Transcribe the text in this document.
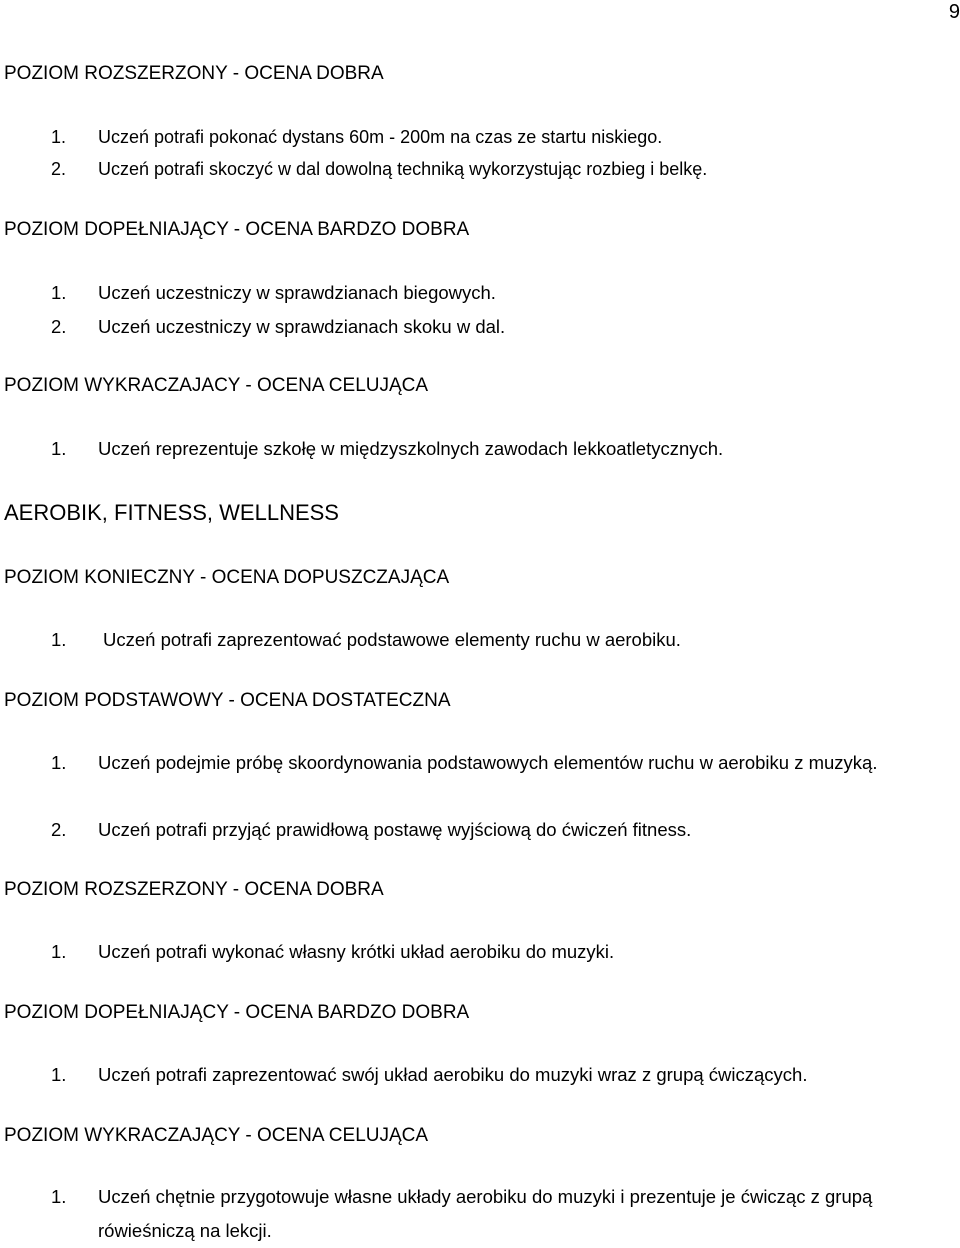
9
POZIOM ROZSZERZONY - OCENA DOBRA
1. Uczeń potrafi pokonać dystans 60m - 200m na czas ze startu niskiego.
2. Uczeń potrafi skoczyć w dal dowolną techniką wykorzystując rozbieg i belkę.
POZIOM DOPEŁNIAJĄCY - OCENA BARDZO DOBRA
1. Uczeń uczestniczy w sprawdzianach biegowych.
2. Uczeń uczestniczy w sprawdzianach skoku w dal.
POZIOM WYKRACZAJACY - OCENA CELUJĄCA
1. Uczeń reprezentuje szkołę w międzyszkolnych zawodach lekkoatletycznych.
AEROBIK, FITNESS, WELLNESS
POZIOM KONIECZNY - OCENA DOPUSZCZAJĄCA
1. Uczeń potrafi zaprezentować podstawowe elementy ruchu w aerobiku.
POZIOM PODSTAWOWY - OCENA DOSTATECZNA
1. Uczeń podejmie próbę skoordynowania podstawowych elementów ruchu w aerobiku z muzyką.
2. Uczeń potrafi przyjąć prawidłową postawę wyjściową do ćwiczeń fitness.
POZIOM ROZSZERZONY - OCENA DOBRA
1. Uczeń potrafi wykonać własny krótki układ aerobiku do muzyki.
POZIOM DOPEŁNIAJĄCY - OCENA BARDZO DOBRA
1. Uczeń potrafi zaprezentować swój układ aerobiku do muzyki wraz z grupą ćwiczących.
POZIOM WYKRACZAJĄCY - OCENA CELUJĄCA
1. Uczeń chętnie przygotowuje własne układy aerobiku do muzyki i prezentuje je ćwicząc z grupą rówieśniczą na lekcji.
